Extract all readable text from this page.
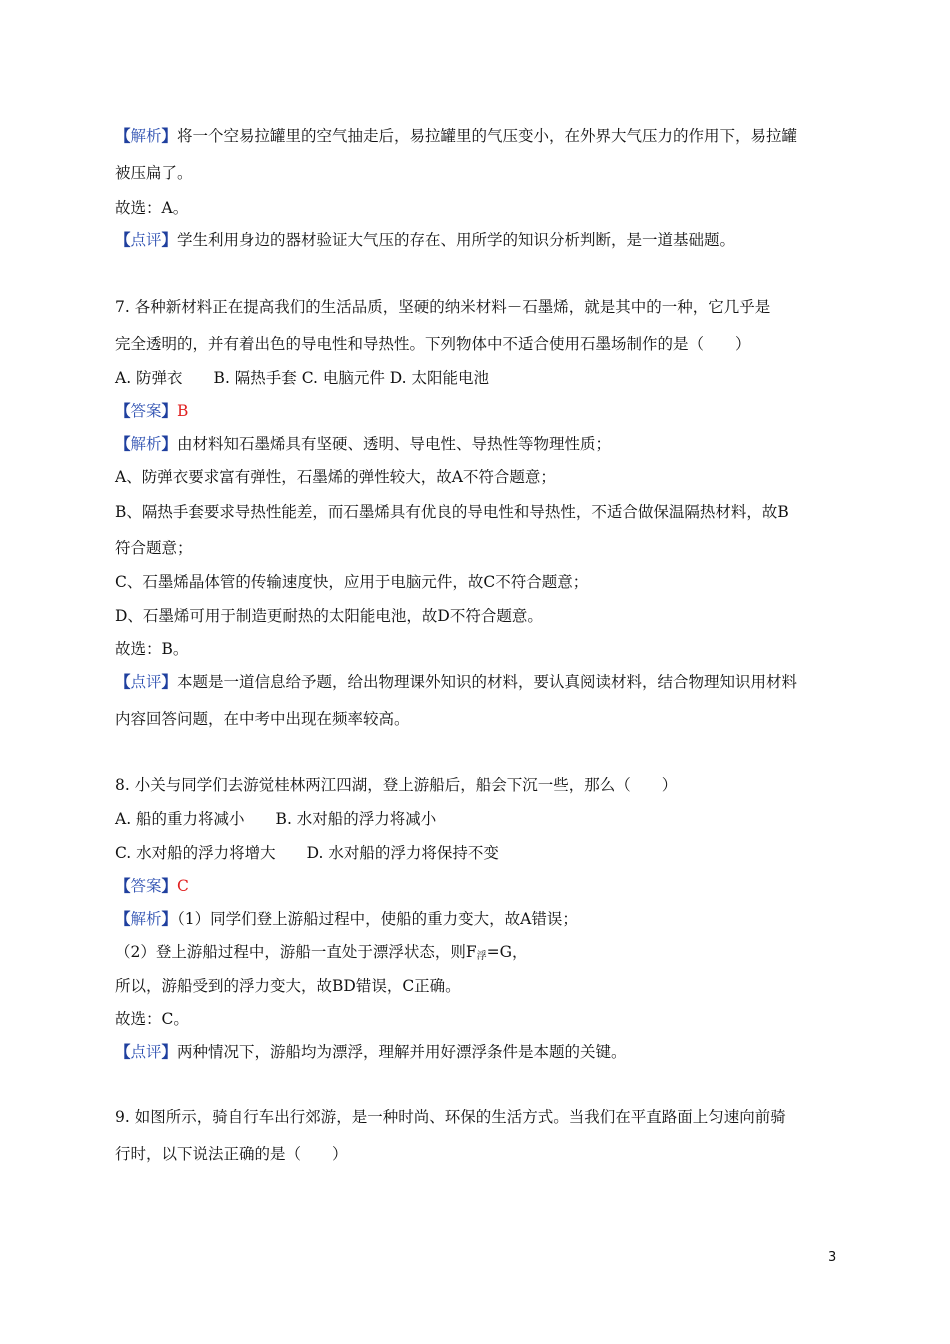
【解析】将一个空易拉罐里的空气抽走后，易拉罐里的气压变小，在外界大气压力的作用下，易拉罐
被压扁了。
故选：A。
【点评】学生利用身边的器材验证大气压的存在、用所学的知识分析判断，是一道基础题。
7. 各种新材料正在提高我们的生活品质，坚硬的纳米材料－石墨烯，就是其中的一种，它几乎是
完全透明的，并有着出色的导电性和导热性。下列物体中不适合使用石墨场制作的是（　　）
A. 防弹衣　　B. 隔热手套 C. 电脑元件 D. 太阳能电池
【答案】B
【解析】由材料知石墨烯具有坚硬、透明、导电性、导热性等物理性质；
A、防弹衣要求富有弹性，石墨烯的弹性较大，故A不符合题意；
B、隔热手套要求导热性能差，而石墨烯具有优良的导电性和导热性，不适合做保温隔热材料，故B
符合题意；
C、石墨烯晶体管的传输速度快，应用于电脑元件，故C不符合题意；
D、石墨烯可用于制造更耐热的太阳能电池，故D不符合题意。
故选：B。
【点评】本题是一道信息给予题，给出物理课外知识的材料，要认真阅读材料，结合物理知识用材料
内容回答问题，在中考中出现在频率较高。
8. 小关与同学们去游觉桂林两江四湖，登上游船后，船会下沉一些，那么（　　）
A. 船的重力将减小　　B. 水对船的浮力将减小
C. 水对船的浮力将增大　　D. 水对船的浮力将保持不变
【答案】C
【解析】（1）同学们登上游船过程中，使船的重力变大，故A错误；
（2）登上游船过程中，游船一直处于漂浮状态，则$F_浮=G$，
所以，游船受到的浮力变大，故BD错误，C正确。
故选：C。
【点评】两种情况下，游船均为漂浮，理解并用好漂浮条件是本题的关键。
9. 如图所示，骑自行车出行郊游，是一种时尚、环保的生活方式。当我们在平直路面上匀速向前骑
行时，以下说法正确的是（　　）
3
